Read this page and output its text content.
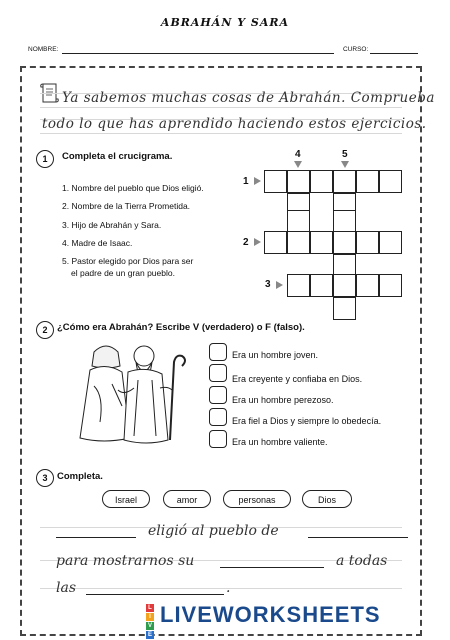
ABRAHÁN Y SARA
NOMBRE:	CURSO:
Ya sabemos muchas cosas de Abrahán. Comprueba
todo lo que has aprendido haciendo estos ejercicios.
1	Completa el crucigrama.
1. Nombre del pueblo que Dios eligió.
2. Nombre de la Tierra Prometida.
3. Hijo de Abrahán y Sara.
4. Madre de Isaac.
5. Pastor elegido por Dios para ser
el padre de un gran pueblo.
4	5
1
2
3
2	¿Cómo era Abrahán? Escribe V (verdadero) o F (falso).
Era un hombre joven.
Era creyente y confiaba en Dios.
Era un hombre perezoso.
Era fiel a Dios y siempre lo obedecía.
Era un hombre valiente.
3	Completa.
Israel	amor	personas	Dios
eligió al pueblo de
para mostrarnos su	a todas
las	.
L
I
V
E
LIVEWORKSHEETS
